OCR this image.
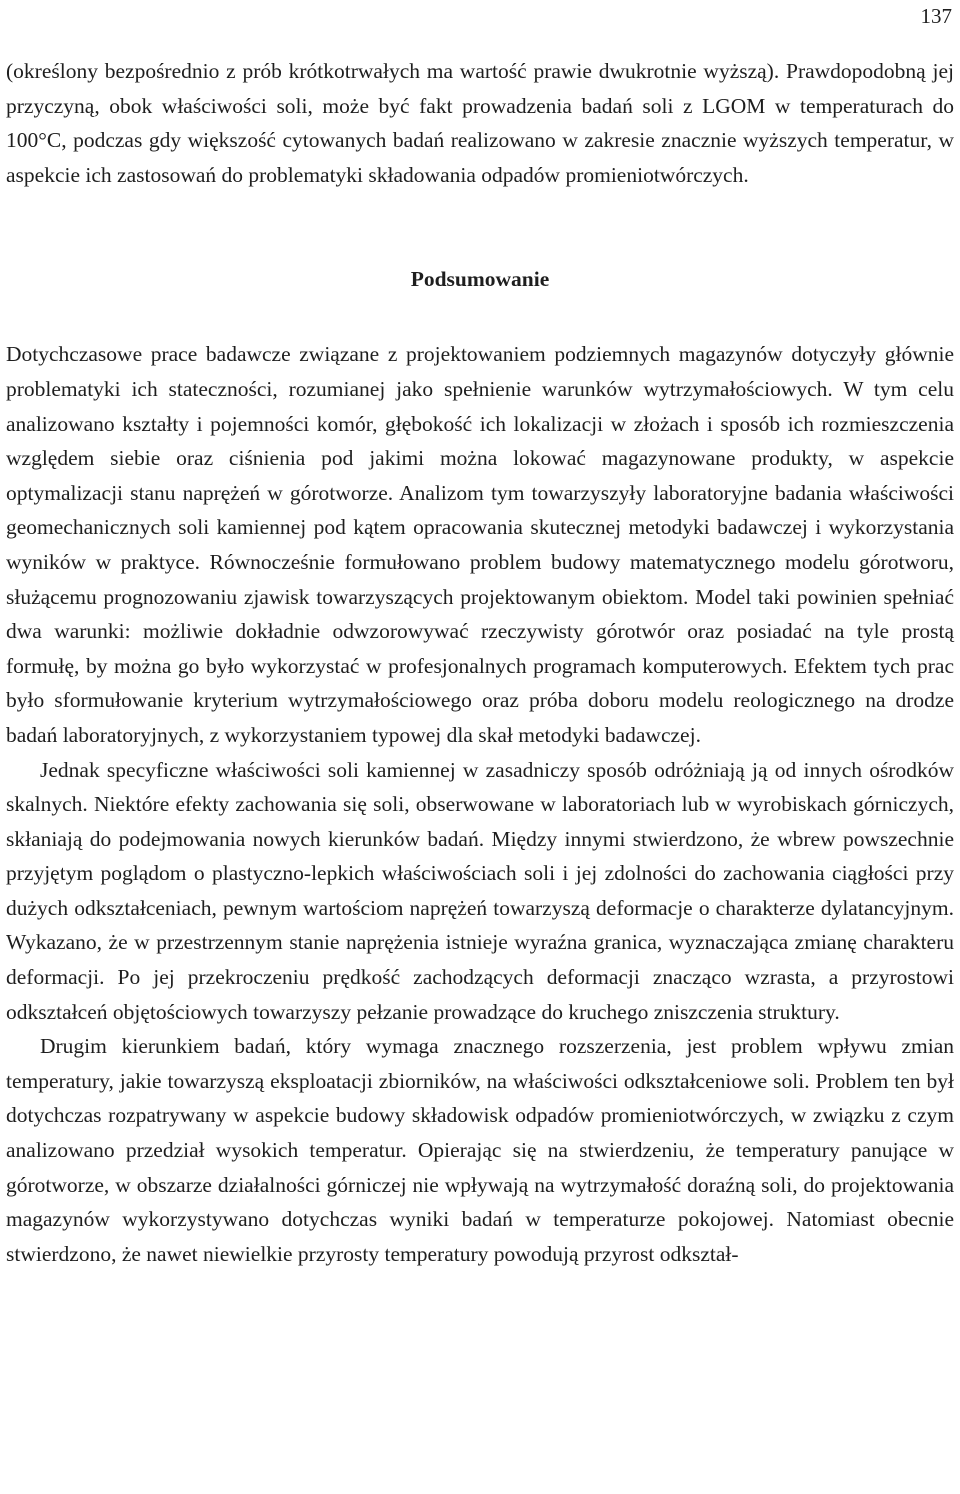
137

(określony bezpośrednio z prób krótkotrwałych ma wartość prawie dwukrotnie wyższą). Prawdopodobną jej przyczyną, obok właściwości soli, może być fakt prowadzenia badań soli z LGOM w temperaturach do 100°C, podczas gdy większość cytowanych badań realizowano w zakresie znacznie wyższych temperatur, w aspekcie ich zastosowań do problematyki składowania odpadów promieniotwórczych.

Podsumowanie

Dotychczasowe prace badawcze związane z projektowaniem podziemnych magazynów dotyczyły głównie problematyki ich stateczności, rozumianej jako spełnienie warunków wytrzymałościowych. W tym celu analizowano kształty i pojemności komór, głębokość ich lokalizacji w złożach i sposób ich rozmieszczenia względem siebie oraz ciśnienia pod jakimi można lokować magazynowane produkty, w aspekcie optymalizacji stanu naprężeń w górotworze. Analizom tym towarzyszyły laboratoryjne badania właściwości geomechanicznych soli kamiennej pod kątem opracowania skutecznej metodyki badawczej i wykorzystania wyników w praktyce. Równocześnie formułowano problem budowy matematycznego modelu górotworu, służącemu prognozowaniu zjawisk towarzyszących projektowanym obiektom. Model taki powinien spełniać dwa warunki: możliwie dokładnie odwzorowywać rzeczywisty górotwór oraz posiadać na tyle prostą formułę, by można go było wykorzystać w profesjonalnych programach komputerowych. Efektem tych prac było sformułowanie kryterium wytrzymałościowego oraz próba doboru modelu reologicznego na drodze badań laboratoryjnych, z wykorzystaniem typowej dla skał metodyki badawczej.

Jednak specyficzne właściwości soli kamiennej w zasadniczy sposób odróżniają ją od innych ośrodków skalnych. Niektóre efekty zachowania się soli, obserwowane w laboratoriach lub w wyrobiskach górniczych, skłaniają do podejmowania nowych kierunków badań. Między innymi stwierdzono, że wbrew powszechnie przyjętym poglądom o plastyczno-lepkich właściwościach soli i jej zdolności do zachowania ciągłości przy dużych odkształceniach, pewnym wartościom naprężeń towarzyszą deformacje o charakterze dylatancyjnym. Wykazano, że w przestrzennym stanie naprężenia istnieje wyraźna granica, wyznaczająca zmianę charakteru deformacji. Po jej przekroczeniu prędkość zachodzących deformacji znacząco wzrasta, a przyrostowi odkształceń objętościowych towarzyszy pełzanie prowadzące do kruchego zniszczenia struktury.

Drugim kierunkiem badań, który wymaga znacznego rozszerzenia, jest problem wpływu zmian temperatury, jakie towarzyszą eksploatacji zbiorników, na właściwości odkształceniowe soli. Problem ten był dotychczas rozpatrywany w aspekcie budowy składowisk odpadów promieniotwórczych, w związku z czym analizowano przedział wysokich temperatur. Opierając się na stwierdzeniu, że temperatury panujące w górotworze, w obszarze działalności górniczej nie wpływają na wytrzymałość doraźną soli, do projektowania magazynów wykorzystywano dotychczas wyniki badań w temperaturze pokojowej. Natomiast obecnie stwierdzono, że nawet niewielkie przyrosty temperatury powodują przyrost odkształ-
